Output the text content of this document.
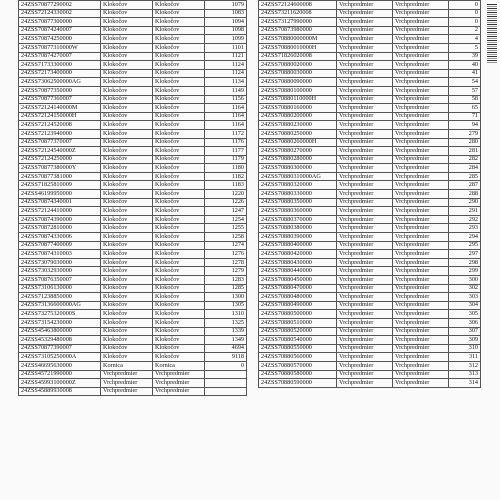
24ZSS70877290002	Klokočov	Klokočov	1079
24ZSS72124330002	Klokočov	Klokočov	1083
24ZSS70877300000	Klokočov	Klokočov	1094
24ZSS70874240007	Klokočov	Klokočov	1098
24ZSS70874250000	Klokočov	Klokočov	1099
24ZSS70877310000W	Klokočov	Klokočov	1101
24ZSS70874270007	Klokočov	Klokočov	1121
24ZSS71733300000	Klokočov	Klokočov	1124
24ZSS72173400000	Klokočov	Klokočov	1124
24ZSS73062500000AG	Klokočov	Klokočov	1134
24ZSS70877350000	Klokočov	Klokočov	1149
24ZSS70877360007	Klokočov	Klokočov	1156
24ZSS72124140000M	Klokočov	Klokočov	1164
24ZSS72124150000H	Klokočov	Klokočov	1164
24ZSS72124520008	Klokočov	Klokočov	1164
24ZSS72123940000	Klokočov	Klokočov	1172
24ZSS70877370007	Klokočov	Klokočov	1176
24ZSS72124540000Z	Klokočov	Klokočov	1177
24ZSS72124250000	Klokočov	Klokočov	1179
24ZSS70877380000Y	Klokočov	Klokočov	1180
24ZSS70877381000	Klokočov	Klokočov	1182
24ZSS71825810009	Klokočov	Klokočov	1183
24ZSS46199950000	Klokočov	Klokočov	1220
24ZSS70874340001	Klokočov	Klokočov	1226
24ZSS72124410000	Klokočov	Klokočov	1247
24ZSS70874390000	Klokočov	Klokočov	1254
24ZSS70872810000	Klokočov	Klokočov	1255
24ZSS70874330006	Klokočov	Klokočov	1258
24ZSS70877400009	Klokočov	Klokočov	1274
24ZSS70874310003	Klokočov	Klokočov	1276
24ZSS73079030000	Klokočov	Klokočov	1278
24ZSS73032930000	Klokočov	Klokočov	1279
24ZSS70876350007	Klokočov	Klokočov	1283
24ZSS73106130000	Klokočov	Klokočov	1285
24ZSS71238850000	Klokočov	Klokočov	1300
24ZSS73136600000AG	Klokočov	Klokočov	1305
24ZSS73275320000S	Klokočov	Klokočov	1310
24ZSS73154230000	Klokočov	Klokočov	1325
24ZSS45463800000	Klokočov	Klokočov	1339
24ZSS45329480008	Klokočov	Klokočov	1349
24ZSS70877390007	Klokočov	Klokočov	4694
24ZSS73105250000A	Klokočov	Klokočov	9118
24ZSS46695630000	Kornica	Kornica	0
24ZSS45721990000	Vrchpredmier	Vrchpredmier	
24ZSS45993100000Z	Vrchpredmier	Vrchpredmier	
24ZSS45889930008	Vrchpredmier	Vrchpredmier	
24ZSS72124600008	Vrchpredmier	Vrchpredmier	0
24ZSS73211620008	Vrchpredmier	Vrchpredmier	0
24ZSS73127990000	Vrchpredmier	Vrchpredmier	0
24ZSS70873980000	Vrchpredmier	Vrchpredmier	2
24ZSS70880000000M	Vrchpredmier	Vrchpredmier	4
24ZSS70880010000H	Vrchpredmier	Vrchpredmier	5
24ZSS71826020008	Vrchpredmier	Vrchpredmier	39
24ZSS70880020000	Vrchpredmier	Vrchpredmier	40
24ZSS70880030000	Vrchpredmier	Vrchpredmier	41
24ZSS70880090000	Vrchpredmier	Vrchpredmier	54
24ZSS70880100000	Vrchpredmier	Vrchpredmier	57
24ZSS70880110000H	Vrchpredmier	Vrchpredmier	58
24ZSS70880160000	Vrchpredmier	Vrchpredmier	65
24ZSS70880200000	Vrchpredmier	Vrchpredmier	71
24ZSS70880230000	Vrchpredmier	Vrchpredmier	94
24ZSS70880250000	Vrchpredmier	Vrchpredmier	279
24ZSS70880260000H	Vrchpredmier	Vrchpredmier	280
24ZSS70880270000	Vrchpredmier	Vrchpredmier	281
24ZSS70880280000	Vrchpredmier	Vrchpredmier	282
24ZSS70880300000	Vrchpredmier	Vrchpredmier	284
24ZSS70880310000AG	Vrchpredmier	Vrchpredmier	285
24ZSS70880320000	Vrchpredmier	Vrchpredmier	287
24ZSS70880330000	Vrchpredmier	Vrchpredmier	288
24ZSS70880350000	Vrchpredmier	Vrchpredmier	290
24ZSS70880360000	Vrchpredmier	Vrchpredmier	291
24ZSS70880370000	Vrchpredmier	Vrchpredmier	292
24ZSS70880380000	Vrchpredmier	Vrchpredmier	293
24ZSS70880390000	Vrchpredmier	Vrchpredmier	294
24ZSS70880400000	Vrchpredmier	Vrchpredmier	295
24ZSS70880420000	Vrchpredmier	Vrchpredmier	297
24ZSS70880430000	Vrchpredmier	Vrchpredmier	298
24ZSS70880440000	Vrchpredmier	Vrchpredmier	299
24ZSS70880450000	Vrchpredmier	Vrchpredmier	300
24ZSS70880470000	Vrchpredmier	Vrchpredmier	302
24ZSS70880480000	Vrchpredmier	Vrchpredmier	303
24ZSS70880490000	Vrchpredmier	Vrchpredmier	304
24ZSS70880500000	Vrchpredmier	Vrchpredmier	305
24ZSS70880510000	Vrchpredmier	Vrchpredmier	306
24ZSS70880520000	Vrchpredmier	Vrchpredmier	307
24ZSS70880540000	Vrchpredmier	Vrchpredmier	309
24ZSS70880550000	Vrchpredmier	Vrchpredmier	310
24ZSS70880560000	Vrchpredmier	Vrchpredmier	311
24ZSS70880570000	Vrchpredmier	Vrchpredmier	312
24ZSS70880580000	Vrchpredmier	Vrchpredmier	313
24ZSS70880590000	Vrchpredmier	Vrchpredmier	314
